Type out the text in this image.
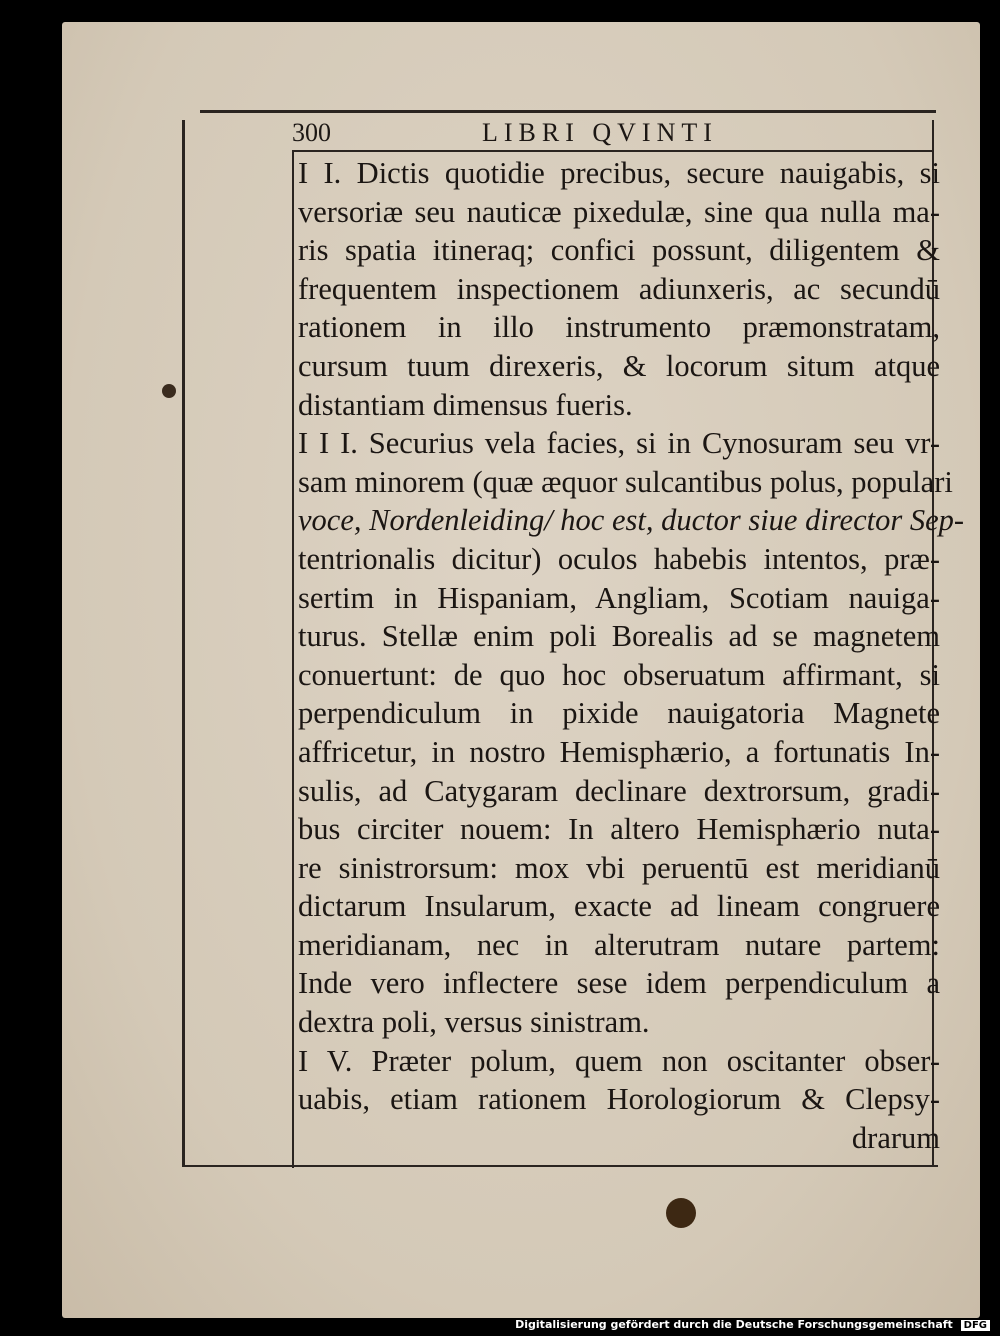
300	LIBRI QVINTI
I I. Dictis quotidie precibus, secure nauigabis, si
versoriæ seu nauticæ pixedulæ, sine qua nulla ma-
ris spatia itineraq; confici possunt, diligentem &
frequentem inspectionem adiunxeris, ac secundū
rationem in illo instrumento præmonstratam,
cursum tuum direxeris, & locorum situm atque
distantiam dimensus fueris.
I I I. Securius vela facies, si in Cynosuram seu vr-
sam minorem (quæ æquor sulcantibus polus, populari
voce, Nordenleiding/ hoc est, ductor siue director Sep-
tentrionalis dicitur) oculos habebis intentos, præ-
sertim in Hispaniam, Angliam, Scotiam nauiga-
turus. Stellæ enim poli Borealis ad se magnetem
conuertunt: de quo hoc obseruatum affirmant, si
perpendiculum in pixide nauigatoria Magnete
affricetur, in nostro Hemisphærio, a fortunatis In-
sulis, ad Catygaram declinare dextrorsum, gradi-
bus circiter nouem: In altero Hemisphærio nuta-
re sinistrorsum: mox vbi peruentū est meridianū
dictarum Insularum, exacte ad lineam congruere
meridianam, nec in alterutram nutare partem:
Inde vero inflectere sese idem perpendiculum a
dextra poli, versus sinistram.
I V. Præter polum, quem non oscitanter obser-
uabis, etiam rationem Horologiorum & Clepsy-
drarum
Digitalisierung gefördert durch die Deutsche Forschungsgemeinschaft DFG
